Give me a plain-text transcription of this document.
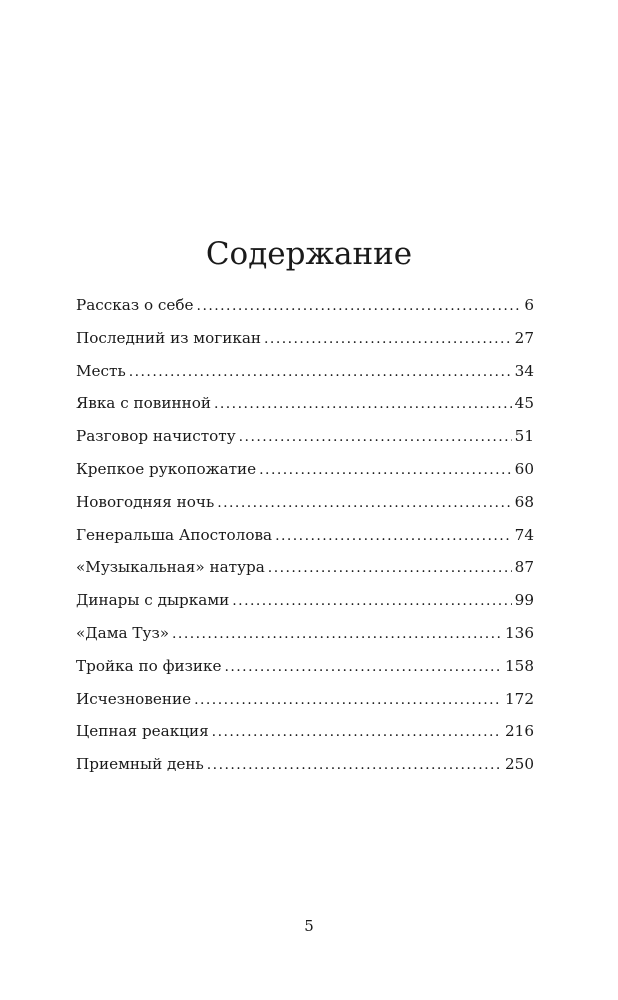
Содержание
Рассказ о себе . . .	6
Последний из могикан . . .	27
Месть . . .	34
Явка с повинной . . .	45
Разговор начистоту . . .	51
Крепкое рукопожатие . . .	60
Новогодняя ночь . . .	68
Генеральша Апостолова . . .	74
«Музыкальная» натура . . .	87
Динары с дырками . . .	99
«Дама Туз» . . .	136
Тройка по физике . . .	158
Исчезновение . . .	172
Цепная реакция . . .	216
Приемный день . . .	250
5
